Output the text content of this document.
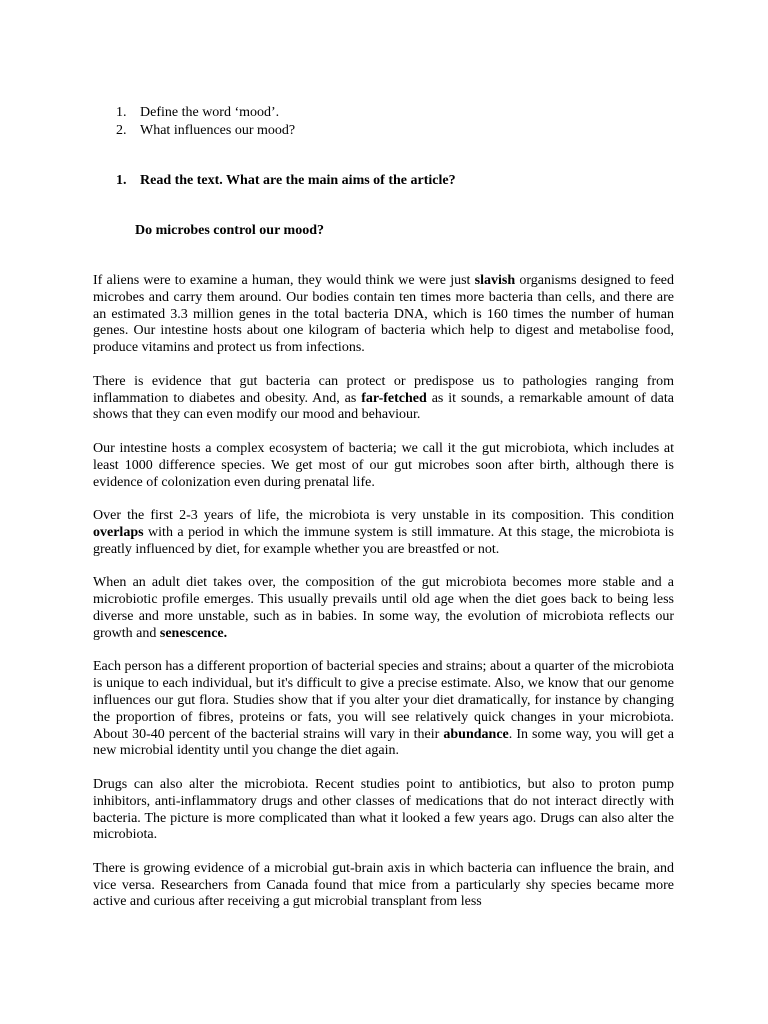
1. Define the word ‘mood’.
2. What influences our mood?
1. Read the text. What are the main aims of the article?
Do microbes control our mood?

If aliens were to examine a human, they would think we were just slavish organisms designed to feed microbes and carry them around. Our bodies contain ten times more bacteria than cells, and there are an estimated 3.3 million genes in the total bacteria DNA, which is 160 times the number of human genes. Our intestine hosts about one kilogram of bacteria which help to digest and metabolise food, produce vitamins and protect us from infections.

There is evidence that gut bacteria can protect or predispose us to pathologies ranging from inflammation to diabetes and obesity. And, as far-fetched as it sounds, a remarkable amount of data shows that they can even modify our mood and behaviour.

Our intestine hosts a complex ecosystem of bacteria; we call it the gut microbiota, which includes at least 1000 difference species. We get most of our gut microbes soon after birth, although there is evidence of colonization even during prenatal life.

Over the first 2-3 years of life, the microbiota is very unstable in its composition. This condition overlaps with a period in which the immune system is still immature. At this stage, the microbiota is greatly influenced by diet, for example whether you are breastfed or not.

When an adult diet takes over, the composition of the gut microbiota becomes more stable and a microbiotic profile emerges. This usually prevails until old age when the diet goes back to being less diverse and more unstable, such as in babies. In some way, the evolution of microbiota reflects our growth and senescence.

Each person has a different proportion of bacterial species and strains; about a quarter of the microbiota is unique to each individual, but it's difficult to give a precise estimate. Also, we know that our genome influences our gut flora. Studies show that if you alter your diet dramatically, for instance by changing the proportion of fibres, proteins or fats, you will see relatively quick changes in your microbiota. About 30-40 percent of the bacterial strains will vary in their abundance. In some way, you will get a new microbial identity until you change the diet again.

Drugs can also alter the microbiota. Recent studies point to antibiotics, but also to proton pump inhibitors, anti-inflammatory drugs and other classes of medications that do not interact directly with bacteria. The picture is more complicated than what it looked a few years ago. Drugs can also alter the microbiota.

There is growing evidence of a microbial gut-brain axis in which bacteria can influence the brain, and vice versa. Researchers from Canada found that mice from a particularly shy species became more active and curious after receiving a gut microbial transplant from less
